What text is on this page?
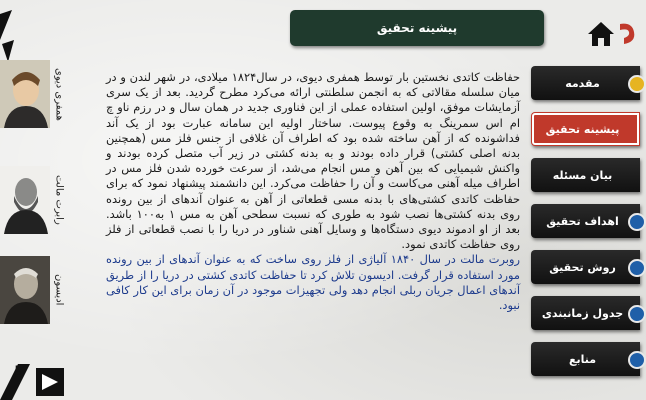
پیشینه تحقیق
مقدمه
پیشینه تحقیق
بیان مسئله
اهداف تحقیق
روش تحقیق
جدول زمانبندی
منابع
همفری دیوی
رابرت مالت
ادیسون

حفاظت کاتدی نخستین بار توسط همفری دیوی، در سال۱۸۲۴ میلادی، در شهر لندن و در میان سلسله مقالاتی که به انجمن سلطنتی ارائه می‌کرد مطرح گردید. بعد از یک سری آزمایشات موفق، اولین استفاده عملی از این فناوری جدید در همان سال و در رزم ناو چ ام اس سمرینگ به وقوع پیوست. ساختار اولیه این سامانه عبارت بود از یک آند فداشونده که از آهن ساخته شده بود که اطراف آن غلافی از جنس فلز مس (همچنین بدنه اصلی کشتی) قرار داده بودند و به بدنه کشتی در زیر آب متصل کرده بودند و واکنش شیمیایی که بین آهن و مس انجام می‌شد، از سرعت خورده شدن فلز مس در اطراف میله آهنی می‌کاست و آن را حفاظت می‌کرد. این دانشمند پیشنهاد نمود که برای حفاظت کاتدی کشتی‌های با بدنه مسی قطعاتی از آهن به عنوان آندهای از بین رونده روی بدنه کشتی‌ها نصب شود به طوری که نسبت سطحی آهن به مس ۱ به۱۰۰ باشد. بعد از او ادموند دیوی دستگاه‌ها و وسایل آهنی شناور در دریا را با نصب قطعاتی از فلز روی حفاظت کاتدی نمود.

روبرت مالت در سال ۱۸۴۰ آلیاژی از فلز روی ساخت که به عنوان آندهای از بین رونده مورد استفاده قرار گرفت. ادیسون تلاش کرد تا حفاظت کاتدی کشتی در دریا را از طریق آندهای اعمال جریان ربلی انجام دهد ولی تجهیزات موجود در آن زمان برای این کار کافی نبود.

5
